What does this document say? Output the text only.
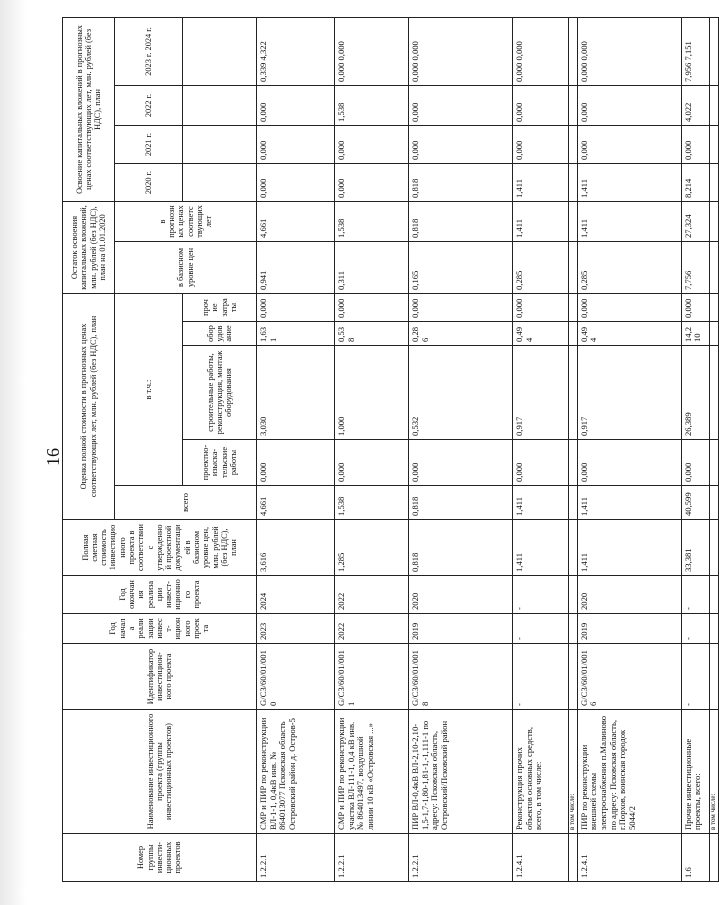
16
Номер группы инвести-ционных проектов	Наименование инвестиционного проекта (группы инвестиционных проектов)	Идентификатор инвестицион-ного проекта	Год начала реализации инвест-иционного проекта	Год окончания реализации инвест-иционного проекта	Полная сметная стоимость 1инвестиционного проекта в соответствии с утвержденной проектной документацией в базисном уровне цен, млн. рублей (без НДС), план	Оценка полной стоимости в прогнозных ценах соответствующих лет, млн. рублей (без НДС), план					Остаток освоения капитальных вложений, млн. рублей (без НДС), план на 01.01.2020		Освоение капитальных вложений в прогнозных ценах соответствующих лет, млн. рублей (без НДС), план			
						всего	в т.ч.:				в базисном уровне цен	в прогнозных ценах соответствующих лет	2020 г.	2021 г.	2022 г.	2023 г. 2024 г.
							проектно-изыска-тельские работы	строительные работы, реконструкция, монтаж оборудования	оборудование	прочие затраты						
1.2.2.1	СМР и ПИР по реконструкции ВЛ-1-1, 0,4кВ инв. № 864013077 Псковская область Островский район д. Остров-5	G/C3/60/01/0010	2023	2024	3,616	4,661	0,000	3,030	1,631	0,000	0,941	4,661	0,000	0,000	0,000	0,339 4,322
1.2.2.1	СМР и ПИР по реконструкции участка ВЛ-111-1, 0,4 кВ инв. № 864013497, воздушной линии 10 кВ «Островская ...»	G/C3/60/01/0011	2022	2022	1,285	1,538	0,000	1,000	0,538	0,000	0,311	1,538	0,000	0,000	1,538	0,000 0,000
1.2.2.1	ПИР ВЛ-0,4кВ ВЛ-2,10-2,10-1,5-1,7-1,80-1,81-1,-1,111-1 по адресу: Псковская область, Островский/Псковский район	G/C3/60/01/0018	2019	2020	0,818	0,818	0,000	0,532	0,286	0,000	0,165	0,818	0,818	0,000	0,000	0,000 0,000
1.2.4.1	Реконструкция прочих объектов основных средств, всего, в том числе:	-	-	-	1,411	1,411	0,000	0,917	0,494	0,000	0,285	1,411	1,411	0,000	0,000	0,000 0,000
	в том числе:															
1.2.4.1	ПИР по реконструкции внешней схемы электроснабжения п.Малиново по адресу: Псковская область, г.Порхов, воинская городок 5044/2	G/C3/60/01/0016	2019	2020	1,411	1,411	0,000	0,917	0,494	0,000	0,285	1,411	1,411	0,000	0,000	0,000 0,000
1.6	Прочие инвестиционные проекты, всего:	-	-	-	33,381	40,599	0,000	26,389	14,210	0,000	7,756	27,324	8,214	0,000	4,022	7,956 7,151
	в том числе:															
